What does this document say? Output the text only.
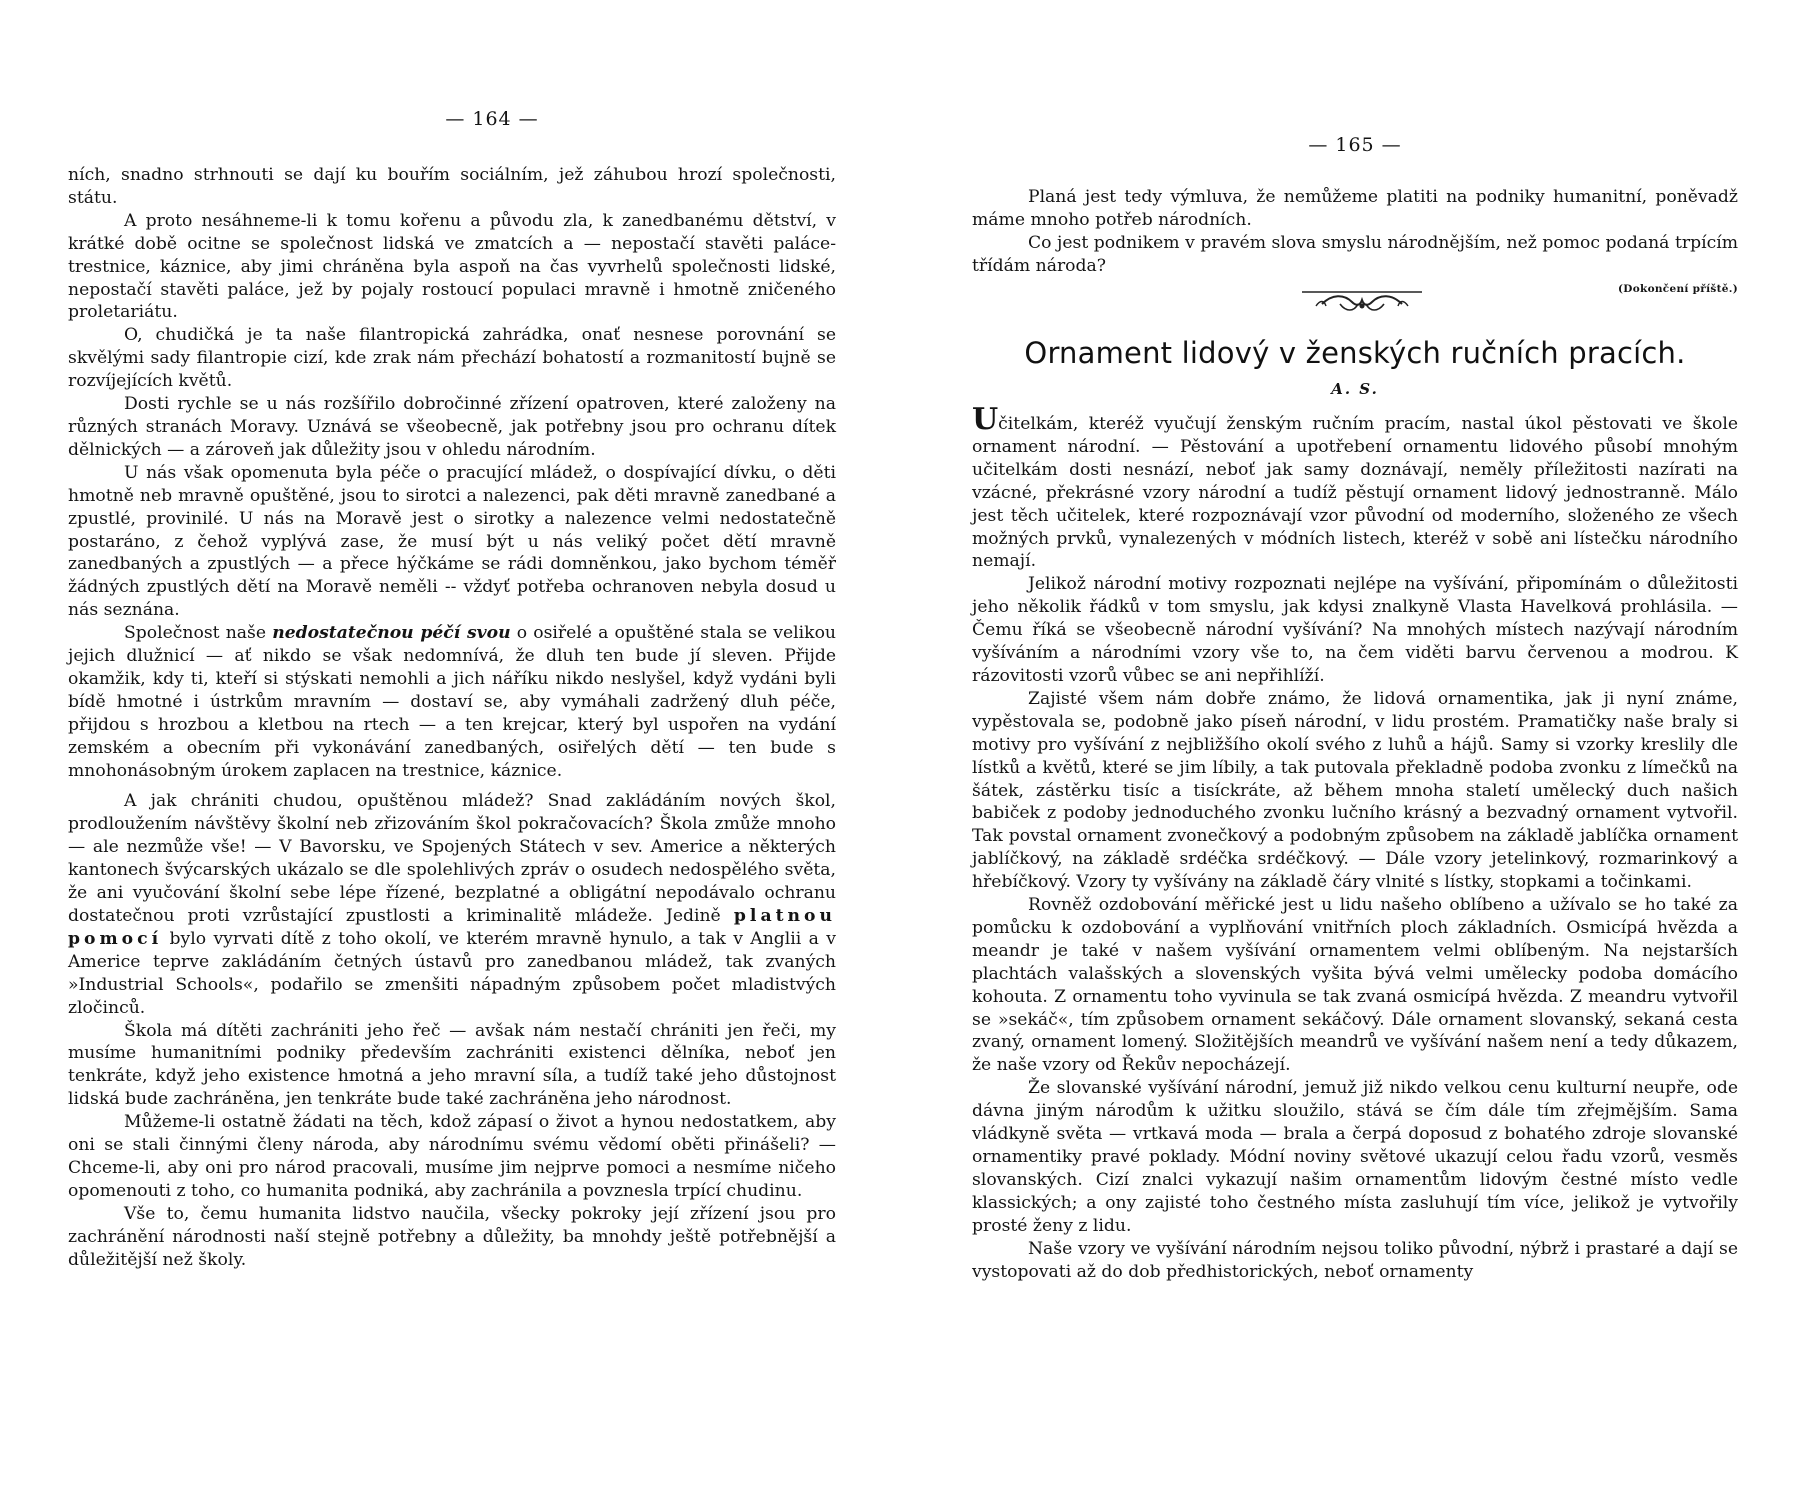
— 164 —

ních, snadno strhnouti se dají ku bouřím sociálním, jež záhubou hrozí společnosti, státu.

A proto nesáhneme-li k tomu kořenu a původu zla, k zanedbanému dětství, v krátké době ocitne se společnost lidská ve zmatcích a — nepostačí stavěti paláce-trestnice, káznice, aby jimi chráněna byla aspoň na čas vyvrhelů společnosti lidské, nepostačí stavěti paláce, jež by pojaly rostoucí populaci mravně i hmotně zničeného proletariátu.

O, chudičká je ta naše filantropická zahrádka, onať nesnese porovnání se skvělými sady filantropie cizí, kde zrak nám přechází bohatostí a rozmanitostí bujně se rozvíjejících květů.

Dosti rychle se u nás rozšířilo dobročinné zřízení opatroven, které založeny na různých stranách Moravy. Uznává se všeobecně, jak potřebny jsou pro ochranu dítek dělnických — a zároveň jak důležity jsou v ohledu národním.

U nás však opomenuta byla péče o pracující mládež, o dospívající dívku, o děti hmotně neb mravně opuštěné, jsou to sirotci a nalezenci, pak děti mravně zanedbané a zpustlé, provinilé. U nás na Moravě jest o sirotky a nalezence velmi nedostatečně postaráno, z čehož vyplývá zase, že musí být u nás veliký počet dětí mravně zanedbaných a zpustlých — a přece hýčkáme se rádi domněnkou, jako bychom téměř žádných zpustlých dětí na Moravě neměli -- vždyť potřeba ochranoven nebyla dosud u nás seznána.

Společnost naše nedostatečnou péčí svou o osiřelé a opuštěné stala se velikou jejich dlužnicí — ať nikdo se však nedomnívá, že dluh ten bude jí sleven. Přijde okamžik, kdy ti, kteří si stýskati nemohli a jich náříku nikdo neslyšel, když vydáni byli bídě hmotné i ústrkům mravním — dostaví se, aby vymáhali zadržený dluh péče, přijdou s hrozbou a kletbou na rtech — a ten krejcar, který byl uspořen na vydání zemském a obecním při vykonávání zanedbaných, osiřelých dětí — ten bude s mnohonásobným úrokem zaplacen na trestnice, káznice.

A jak chrániti chudou, opuštěnou mládež? Snad zakládáním nových škol, prodloužením návštěvy školní neb zřizováním škol pokračovacích? Škola zmůže mnoho — ale nezmůže vše! — V Bavorsku, ve Spojených Státech v sev. Americe a některých kantonech švýcarských ukázalo se dle spolehlivých zpráv o osudech nedospělého světa, že ani vyučování školní sebe lépe řízené, bezplatné a obligátní nepodávalo ochranu dostatečnou proti vzrůstající zpustlosti a kriminalitě mládeže. Jedině platnou pomocí bylo vyrvati dítě z toho okolí, ve kterém mravně hynulo, a tak v Anglii a v Americe teprve zakládáním četných ústavů pro zanedbanou mládež, tak zvaných »Industrial Schools«, podařilo se zmenšiti nápadným způsobem počet mladistvých zločinců.

Škola má dítěti zachrániti jeho řeč — avšak nám nestačí chrániti jen řeči, my musíme humanitními podniky především zachrániti existenci dělníka, neboť jen tenkráte, když jeho existence hmotná a jeho mravní síla, a tudíž také jeho důstojnost lidská bude zachráněna, jen tenkráte bude také zachráněna jeho národnost.

Můžeme-li ostatně žádati na těch, kdož zápasí o život a hynou nedostatkem, aby oni se stali činnými členy národa, aby národnímu svému vědomí oběti přinášeli? — Chceme-li, aby oni pro národ pracovali, musíme jim nejprve pomoci a nesmíme ničeho opomenouti z toho, co humanita podniká, aby zachránila a povznesla trpící chudinu.

Vše to, čemu humanita lidstvo naučila, všecky pokroky její zřízení jsou pro zachránění národnosti naší stejně potřebny a důležity, ba mnohdy ještě potřebnější a důležitější než školy.

— 165 —

Planá jest tedy výmluva, že nemůžeme platiti na podniky humanitní, poněvadž máme mnoho potřeb národních.

Co jest podnikem v pravém slova smyslu národnějším, než pomoc podaná trpícím třídám národa?

(Dokončení příště.)
Ornament lidový v ženských ručních pracích.
A. S.

Učitelkám, kteréž vyučují ženským ručním pracím, nastal úkol pěstovati ve škole ornament národní. — Pěstování a upotřebení ornamentu lidového působí mnohým učitelkám dosti nesnází, neboť jak samy doznávají, neměly příležitosti nazírati na vzácné, překrásné vzory národní a tudíž pěstují ornament lidový jednostranně. Málo jest těch učitelek, které rozpoznávají vzor původní od moderního, složeného ze všech možných prvků, vynalezených v módních listech, kteréž v sobě ani lístečku národního nemají.

Jelikož národní motivy rozpoznati nejlépe na vyšívání, připomínám o důležitosti jeho několik řádků v tom smyslu, jak kdysi znalkyně Vlasta Havelková prohlásila. — Čemu říká se všeobecně národní vyšívání? Na mnohých místech nazývají národním vyšíváním a národními vzory vše to, na čem viděti barvu červenou a modrou. K rázovitosti vzorů vůbec se ani nepřihlíží.

Zajisté všem nám dobře známo, že lidová ornamentika, jak ji nyní známe, vypěstovala se, podobně jako píseň národní, v lidu prostém. Pramatičky naše braly si motivy pro vyšívání z nejbližšího okolí svého z luhů a hájů. Samy si vzorky kreslily dle lístků a květů, které se jim líbily, a tak putovala překladně podoba zvonku z límečků na šátek, zástěrku tisíc a tisíckráte, až během mnoha staletí umělecký duch našich babiček z podoby jednoduchého zvonku lučního krásný a bezvadný ornament vytvořil. Tak povstal ornament zvonečkový a podobným způsobem na základě jablíčka ornament jablíčkový, na základě srdéčka srdéčkový. — Dále vzory jetelinkový, rozmarinkový a hřebíčkový. Vzory ty vyšívány na základě čáry vlnité s lístky, stopkami a točinkami.

Rovněž ozdobování měřické jest u lidu našeho oblíbeno a užívalo se ho také za pomůcku k ozdobování a vyplňování vnitřních ploch základních. Osmicípá hvězda a meandr je také v našem vyšívání ornamentem velmi oblíbeným. Na nejstarších plachtách valašských a slovenských vyšita bývá velmi umělecky podoba domácího kohouta. Z ornamentu toho vyvinula se tak zvaná osmicípá hvězda. Z meandru vytvořil se »sekáč«, tím způsobem ornament sekáčový. Dále ornament slovanský, sekaná cesta zvaný, ornament lomený. Složitějších meandrů ve vyšívání našem není a tedy důkazem, že naše vzory od Řekův nepocházejí.

Že slovanské vyšívání národní, jemuž již nikdo velkou cenu kulturní neupře, ode dávna jiným národům k užitku sloužilo, stává se čím dále tím zřejmějším. Sama vládkyně světa — vrtkavá moda — brala a čerpá doposud z bohatého zdroje slovanské ornamentiky pravé poklady. Módní noviny světové ukazují celou řadu vzorů, vesměs slovanských. Cizí znalci vykazují našim ornamentům lidovým čestné místo vedle klassických; a ony zajisté toho čestného místa zasluhují tím více, jelikož je vytvořily prosté ženy z lidu.

Naše vzory ve vyšívání národním nejsou toliko původní, nýbrž i prastaré a dají se vystopovati až do dob předhistorických, neboť ornamenty
